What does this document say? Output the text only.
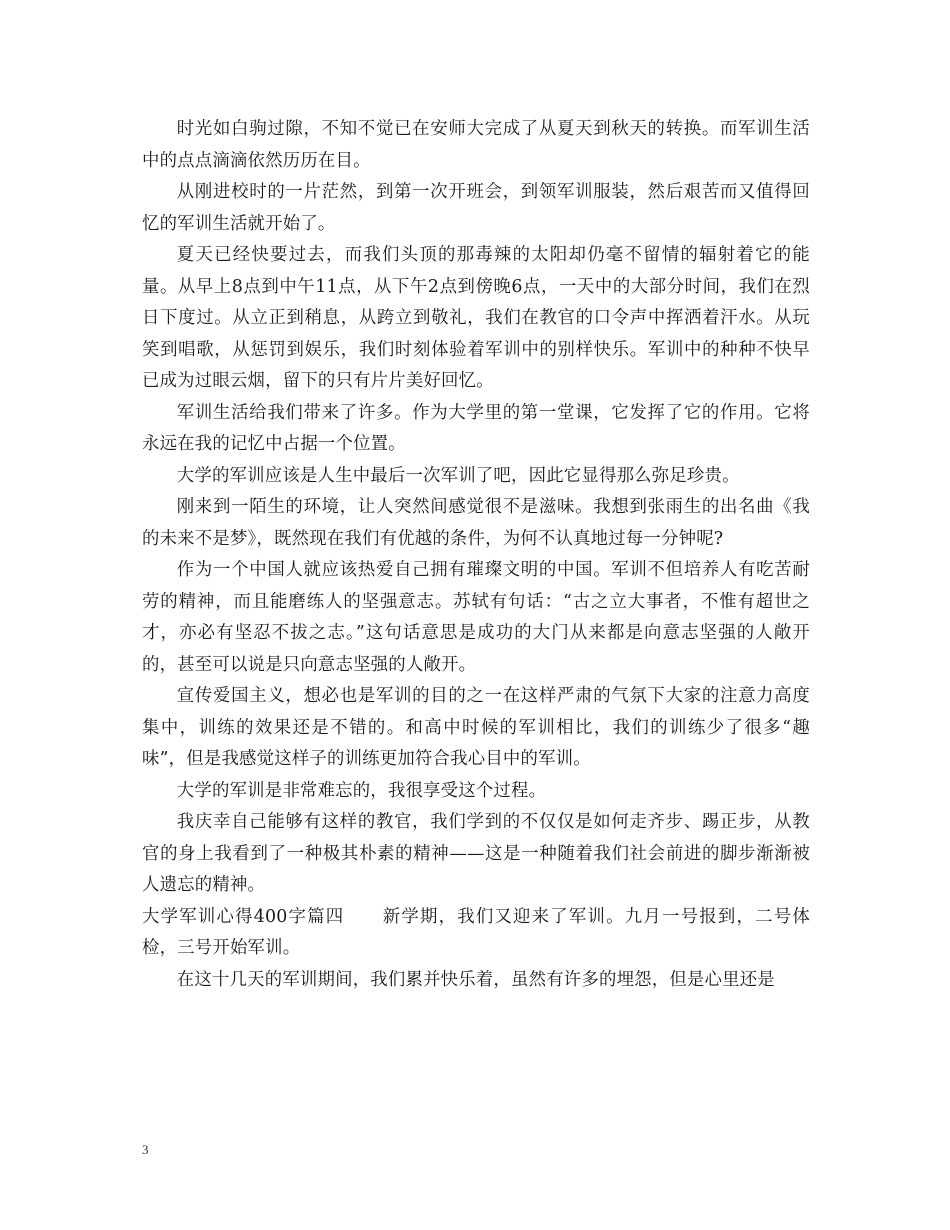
时光如白驹过隙，不知不觉已在安师大完成了从夏天到秋天的转换。而军训生活中的点点滴滴依然历历在目。

从刚进校时的一片茫然，到第一次开班会，到领军训服装，然后艰苦而又值得回忆的军训生活就开始了。

夏天已经快要过去，而我们头顶的那毒辣的太阳却仍毫不留情的辐射着它的能量。从早上8点到中午11点，从下午2点到傍晚6点，一天中的大部分时间，我们在烈日下度过。从立正到稍息，从跨立到敬礼，我们在教官的口令声中挥洒着汗水。从玩笑到唱歌，从惩罚到娱乐，我们时刻体验着军训中的别样快乐。军训中的种种不快早已成为过眼云烟，留下的只有片片美好回忆。

军训生活给我们带来了许多。作为大学里的第一堂课，它发挥了它的作用。它将永远在我的记忆中占据一个位置。

大学的军训应该是人生中最后一次军训了吧，因此它显得那么弥足珍贵。

刚来到一陌生的环境，让人突然间感觉很不是滋味。我想到张雨生的出名曲《我的未来不是梦》，既然现在我们有优越的条件，为何不认真地过每一分钟呢?

作为一个中国人就应该热爱自己拥有璀璨文明的中国。军训不但培养人有吃苦耐劳的精神，而且能磨练人的坚强意志。苏轼有句话：“古之立大事者，不惟有超世之才，亦必有坚忍不拔之志。”这句话意思是成功的大门从来都是向意志坚强的人敞开的，甚至可以说是只向意志坚强的人敞开。

宣传爱国主义，想必也是军训的目的之一在这样严肃的气氛下大家的注意力高度集中，训练的效果还是不错的。和高中时候的军训相比，我们的训练少了很多“趣味”，但是我感觉这样子的训练更加符合我心目中的军训。

大学的军训是非常难忘的，我很享受这个过程。

我庆幸自己能够有这样的教官，我们学到的不仅仅是如何走齐步、踢正步，从教官的身上我看到了一种极其朴素的精神——这是一种随着我们社会前进的脚步渐渐被人遗忘的精神。

大学军训心得400字篇四 新学期，我们又迎来了军训。九月一号报到，二号体检，三号开始军训。

在这十几天的军训期间，我们累并快乐着，虽然有许多的埋怨，但是心里还是

3
